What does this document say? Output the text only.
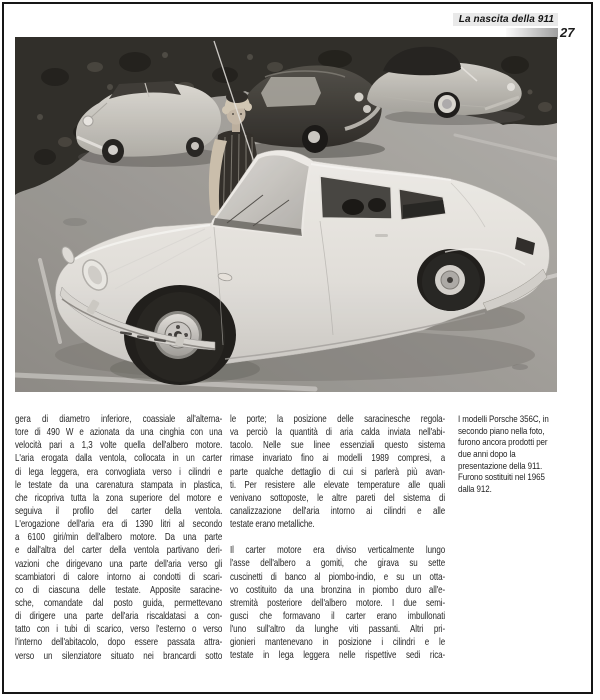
La nascita della 911
27
gera di diametro inferiore, coassiale all'alterna-
tore di 490 W e azionata da una cinghia con una
velocità pari a 1,3 volte quella dell'albero motore.
L'aria erogata dalla ventola, collocata in un carter
di lega leggera, era convogliata verso i cilindri e
le testate da una carenatura stampata in plastica,
che ricopriva tutta la zona superiore del motore e
seguiva il profilo del carter della ventola.
L'erogazione dell'aria era di 1390 litri al secondo
a 6100 giri/min dell'albero motore. Da una parte
e dall'altra del carter della ventola partivano deri-
vazioni che dirigevano una parte dell'aria verso gli
scambiatori di calore intorno ai condotti di scari-
co di ciascuna delle testate. Apposite saracine-
sche, comandate dal posto guida, permettevano
di dirigere una parte dell'aria riscaldatasi a con-
tatto con i tubi di scarico, verso l'esterno o verso
l'interno dell'abitacolo, dopo essere passata attra-
verso un silenziatore situato nei brancardi sotto
le porte; la posizione delle saracinesche regola-
va perciò la quantità di aria calda inviata nell'abi-
tacolo. Nelle sue linee essenziali questo sistema
rimase invariato fino ai modelli 1989 compresi, a
parte qualche dettaglio di cui si parlerà più avan-
ti. Per resistere alle elevate temperature alle quali
venivano sottoposte, le altre pareti del sistema di
canalizzazione dell'aria intorno ai cilindri e alle
testate erano metalliche.
Il carter motore era diviso verticalmente lungo
l'asse dell'albero a gomiti, che girava su sette
cuscinetti di banco al piombo-indio, e su un otta-
vo costituito da una bronzina in piombo duro all'e-
stremità posteriore dell'albero motore. I due semi-
gusci che formavano il carter erano imbullonati
l'uno sull'altro da lunghe viti passanti. Altri pri-
gionieri mantenevano in posizione i cilindri e le
testate in lega leggera nelle rispettive sedi rica-
I modelli Porsche 356C, in
secondo piano nella foto,
furono ancora prodotti per
due anni dopo la
presentazione della 911.
Furono sostituiti nel 1965
dalla 912.
